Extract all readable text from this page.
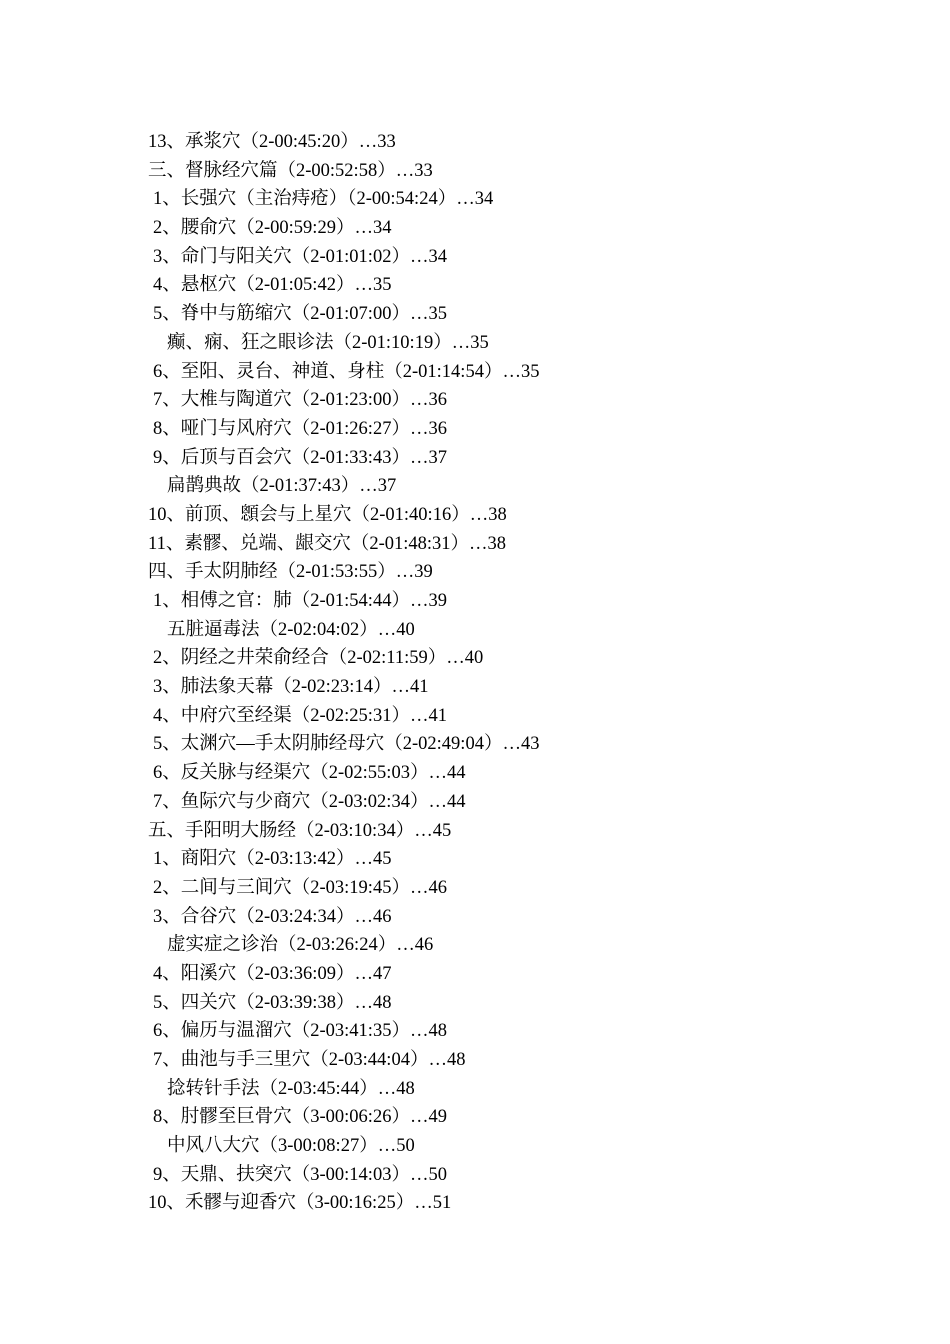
13、承浆穴（2-00:45:20）…33
三、督脉经穴篇（2-00:52:58）…33
1、长强穴（主治痔疮）（2-00:54:24）…34
2、腰俞穴（2-00:59:29）…34
3、命门与阳关穴（2-01:01:02）…34
4、悬枢穴（2-01:05:42）…35
5、脊中与筋缩穴（2-01:07:00）…35
癫、痫、狂之眼诊法（2-01:10:19）…35
6、至阳、灵台、神道、身柱（2-01:14:54）…35
7、大椎与陶道穴（2-01:23:00）…36
8、哑门与风府穴（2-01:26:27）…36
9、后顶与百会穴（2-01:33:43）…37
扁鹊典故（2-01:37:43）…37
10、前顶、顖会与上星穴（2-01:40:16）…38
11、素髎、兑端、龈交穴（2-01:48:31）…38
四、手太阴肺经（2-01:53:55）…39
1、相傅之官：肺（2-01:54:44）…39
五脏逼毒法（2-02:04:02）…40
2、阴经之井荣俞经合（2-02:11:59）…40
3、肺法象天幕（2-02:23:14）…41
4、中府穴至经渠（2-02:25:31）…41
5、太渊穴—手太阴肺经母穴（2-02:49:04）…43
6、反关脉与经渠穴（2-02:55:03）…44
7、鱼际穴与少商穴（2-03:02:34）…44
五、手阳明大肠经（2-03:10:34）…45
1、商阳穴（2-03:13:42）…45
2、二间与三间穴（2-03:19:45）…46
3、合谷穴（2-03:24:34）…46
虚实症之诊治（2-03:26:24）…46
4、阳溪穴（2-03:36:09）…47
5、四关穴（2-03:39:38）…48
6、偏历与温溜穴（2-03:41:35）…48
7、曲池与手三里穴（2-03:44:04）…48
捻转针手法（2-03:45:44）…48
8、肘髎至巨骨穴（3-00:06:26）…49
中风八大穴（3-00:08:27）…50
9、天鼎、扶突穴（3-00:14:03）…50
10、禾髎与迎香穴（3-00:16:25）…51
